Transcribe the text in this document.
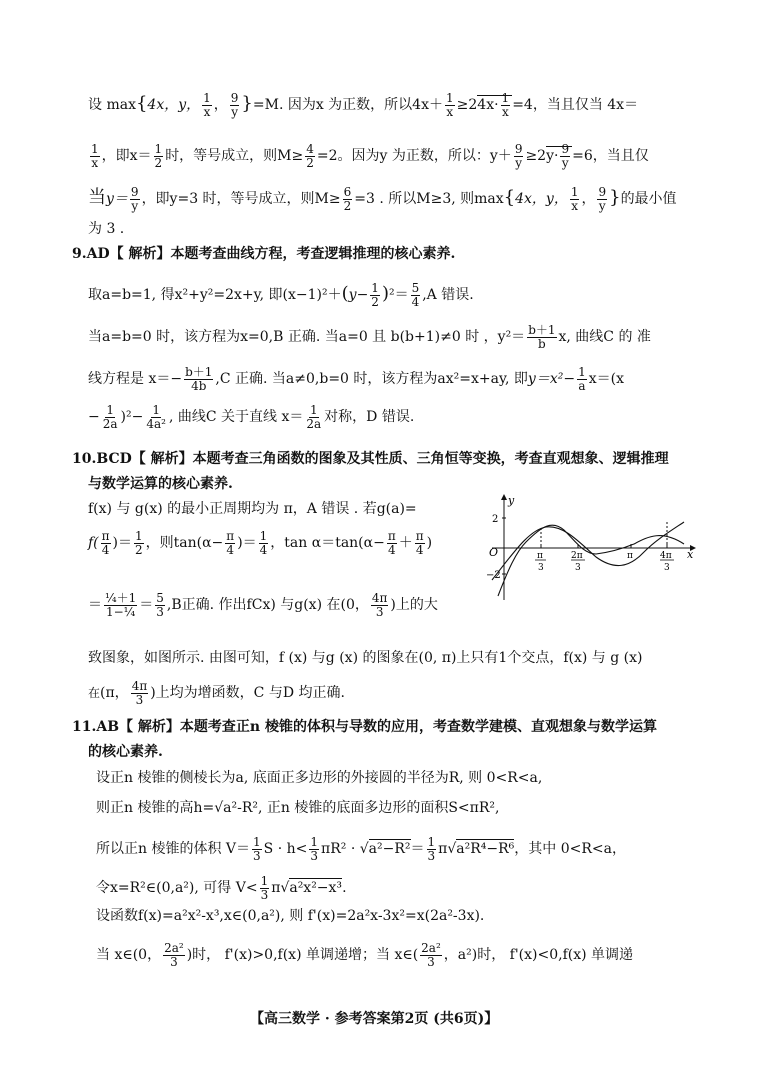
设 max{4x，y， $\frac{1}{x}$ ， $\frac{9}{y} \}=M$. 因为x 为正数，所以$4x+ \frac{1}{x} \ge 24x\cdot \frac{1}{x} =4$，当且仅当 4x＝
$\frac{1}{x}$ ，即$x= \frac{1}{2}$ 时，等号成立，则$M\ge \frac{4}{2} =2$。因为y 为正数，所以：$y+ \frac{9}{y} \ge 2y\cdot \frac{9}{y} =6$，当且仅
当$y= \frac{9}{y}$ ，即y=3 时，等号成立，则$M\ge \frac{6}{2} =3$ . 所以M≥3, 则max{4x，y， $\frac{1}{x}$ ， $\frac{9}{y}$ }的最小值
为 3 .
9.AD【 解析】本题考查曲线方程，考查逻辑推理的核心素养.
取a=b=1, 得x²+y²=2x+y, 即$(x-1)^2+(y- \frac{1}{2} )^2= \frac{5}{4} ,A$ 错误.
当a=b=0 时，该方程为x=0,B 正确. 当a=0 且 b(b+1)≠0 时 ，$y^2= \frac{b+1}{b} x$, 曲线C 的 准
线方程是 $x=- \frac{b+1}{4b} ,C$ 正确. 当a≠0,b=0 时，该方程为ax²=x+ay, 即$y=x^2- \frac{1}{a} x=(x$
− $\frac{1}{2a} )^2- \frac{1}{\text{4a²}}$ , 曲线C 关于直线 $x= \frac{1}{2a}$ 对称，D 错误.
10.BCD【 解析】本题考查三角函数的图象及其性质、三角恒等变换，考查直观想象、逻辑推理
与数学运算的核心素养.
f(x) 与 g(x) 的最小正周期均为 π，A 错误 . 若g(a)=
$f( \frac{\pi}{4}$ )＝ $\frac{1}{2}$ ，则$\tan(\alpha- \frac{\pi}{4}$ )＝ $\frac{1}{4}$ ，$\tan \alpha=\tan(\alpha- \frac{\pi}{4} + \frac{\pi}{4}$ )
＝ $\frac{\text{¼＋1}}{\text{1−¼}} = \frac{5}{3} ,B$正确. 作出fCx) 与g(x) 在(0， $\frac{4\pi}{3}$ )上的大
致图象，如图所示. 由图可知，f (x) 与g (x) 的图象在(0, π)上只有1个交点，f(x) 与 g (x)
在(π， $\frac{4\pi}{3}$ )上均为增函数，C 与D 均正确.
y
x
O
2
−2
π
3
2π
3
π	4π
3
11.AB【 解析】本题考查正n 棱锥的体积与导数的应用，考查数学建模、直观想象与数学运算
的核心素养.
设正n 棱锥的侧棱长为a, 底面正多边形的外接圆的半径为R, 则 0<R<a,
则正n 棱锥的高h=√a²-R², 正n 棱锥的底面多边形的面积S<πR²,
所以正n 棱锥的体积 $V= \frac{1}{3}$ $S \cdot h< \frac{1}{3} \pi R^2 \cdot √a^2-R^2= \frac{1}{3} \pi√a^2R^4-R^6$，其中 0<R<a，
令x=R²∈(0,a²), 可得 $V< \frac{1}{3} \pi√a^2x^2-x^3$.
设函数f(x)=a²x²-x³,x∈(0,a²), 则 f'(x)=2a²x-3x²=x(2a²-3x).
当 x∈(0， $\frac{\text{2a²}}{3}$ )时， f'(x)>0,f(x) 单调递增；当 x∈( $\frac{\text{2a²}}{3}$ ，a²)时， f'(x)<0,f(x) 单调递
【高三数学 · 参考答案第2页 (共6页)】
